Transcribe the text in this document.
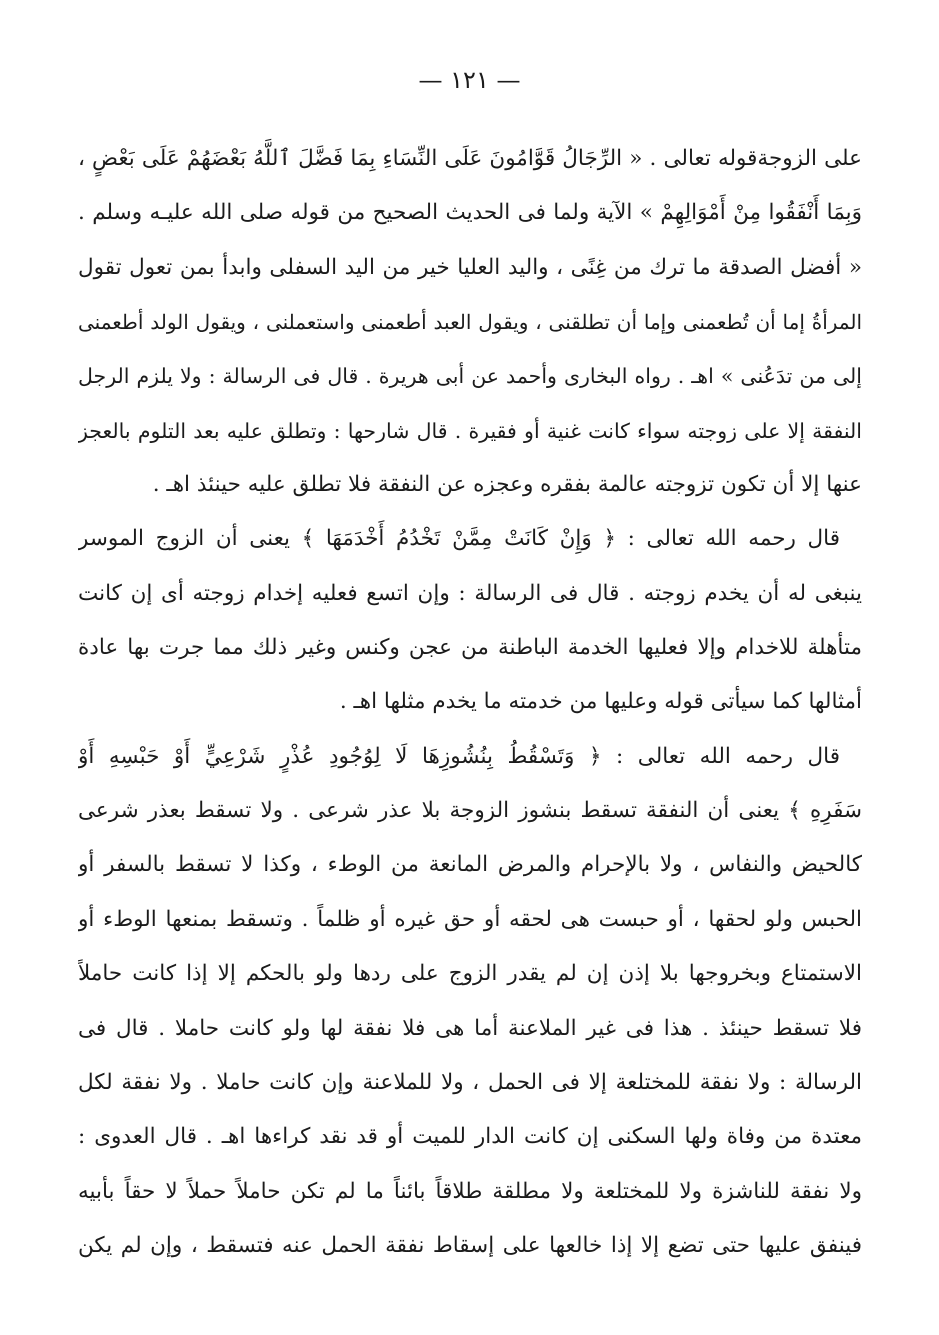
— ١٢١ —
على الزوجةقوله تعالى . « الرِّجَالُ قَوَّامُونَ عَلَى النِّسَاءِ بِمَا فَضَّلَ ٱللَّهُ بَعْضَهُمْ عَلَى بَعْضٍ ،
وَبِمَا أَنْفَقُوا مِنْ أَمْوَالِهِمْ » الآية ولما فى الحديث الصحيح من قوله صلى الله عليـه وسلم .
« أفضل الصدقة ما ترك من غِنًى ، واليد العليا خير من اليد السفلى وابدأ بمن تعول تقول
المرأةُ إما أن تُطعمنى وإما أن تطلقنى ، ويقول العبد أطعمنى واستعملنى ، ويقول الولد أطعمنى
إلى من تدَعُنى » اهـ . رواه البخارى وأحمد عن أبى هريرة . قال فى الرسالة : ولا يلزم الرجل
النفقة إلا على زوجته سواء كانت غنية أو فقيرة . قال شارحها : وتطلق عليه بعد التلوم بالعجز
عنها إلا أن تكون تزوجته عالمة بفقره وعجزه عن النفقة فلا تطلق عليه حينئذ اهـ .
قال رحمه الله تعالى : ﴿ وَإِنْ كَانَتْ مِمَّنْ تَخْدُمُ أَخْدَمَهَا ﴾ يعنى أن الزوج الموسر
ينبغى له أن يخدم زوجته . قال فى الرسالة : وإن اتسع فعليه إخدام زوجته أى إن كانت
متأهلة للاخدام وإلا فعليها الخدمة الباطنة من عجن وكنس وغير ذلك مما جرت بها عادة
أمثالها كما سيأتى قوله وعليها من خدمته ما يخدم مثلها اهـ .
قال رحمه الله تعالى : ﴿ وَتَسْقُطُ بِنُشُوزِهَا لَا لِوُجُودِ عُذْرٍ شَرْعِيٍّ أَوْ حَبْسِهِ أَوْ
سَفَرِهِ ﴾ يعنى أن النفقة تسقط بنشوز الزوجة بلا عذر شرعى . ولا تسقط بعذر شرعى
كالحيض والنفاس ، ولا بالإحرام والمرض المانعة من الوطء ، وكذا لا تسقط بالسفر أو
الحبس ولو لحقها ، أو حبست هى لحقه أو حق غيره أو ظلماً . وتسقط بمنعها الوطء أو
الاستمتاع وبخروجها بلا إذن إن لم يقدر الزوج على ردها ولو بالحكم إلا إذا كانت حاملاً
فلا تسقط حينئذ . هذا فى غير الملاعنة أما هى فلا نفقة لها ولو كانت حاملا . قال فى
الرسالة : ولا نفقة للمختلعة إلا فى الحمل ، ولا للملاعنة وإن كانت حاملا . ولا نفقة لكل
معتدة من وفاة ولها السكنى إن كانت الدار للميت أو قد نقد كراءها اهـ . قال العدوى :
ولا نفقة للناشزة ولا للمختلعة ولا مطلقة طلاقاً بائناً ما لم تكن حاملاً حملاً لا حقاً بأبيه
فينفق عليها حتى تضع إلا إذا خالعها على إسقاط نفقة الحمل عنه فتسقط ، وإن لم يكن
